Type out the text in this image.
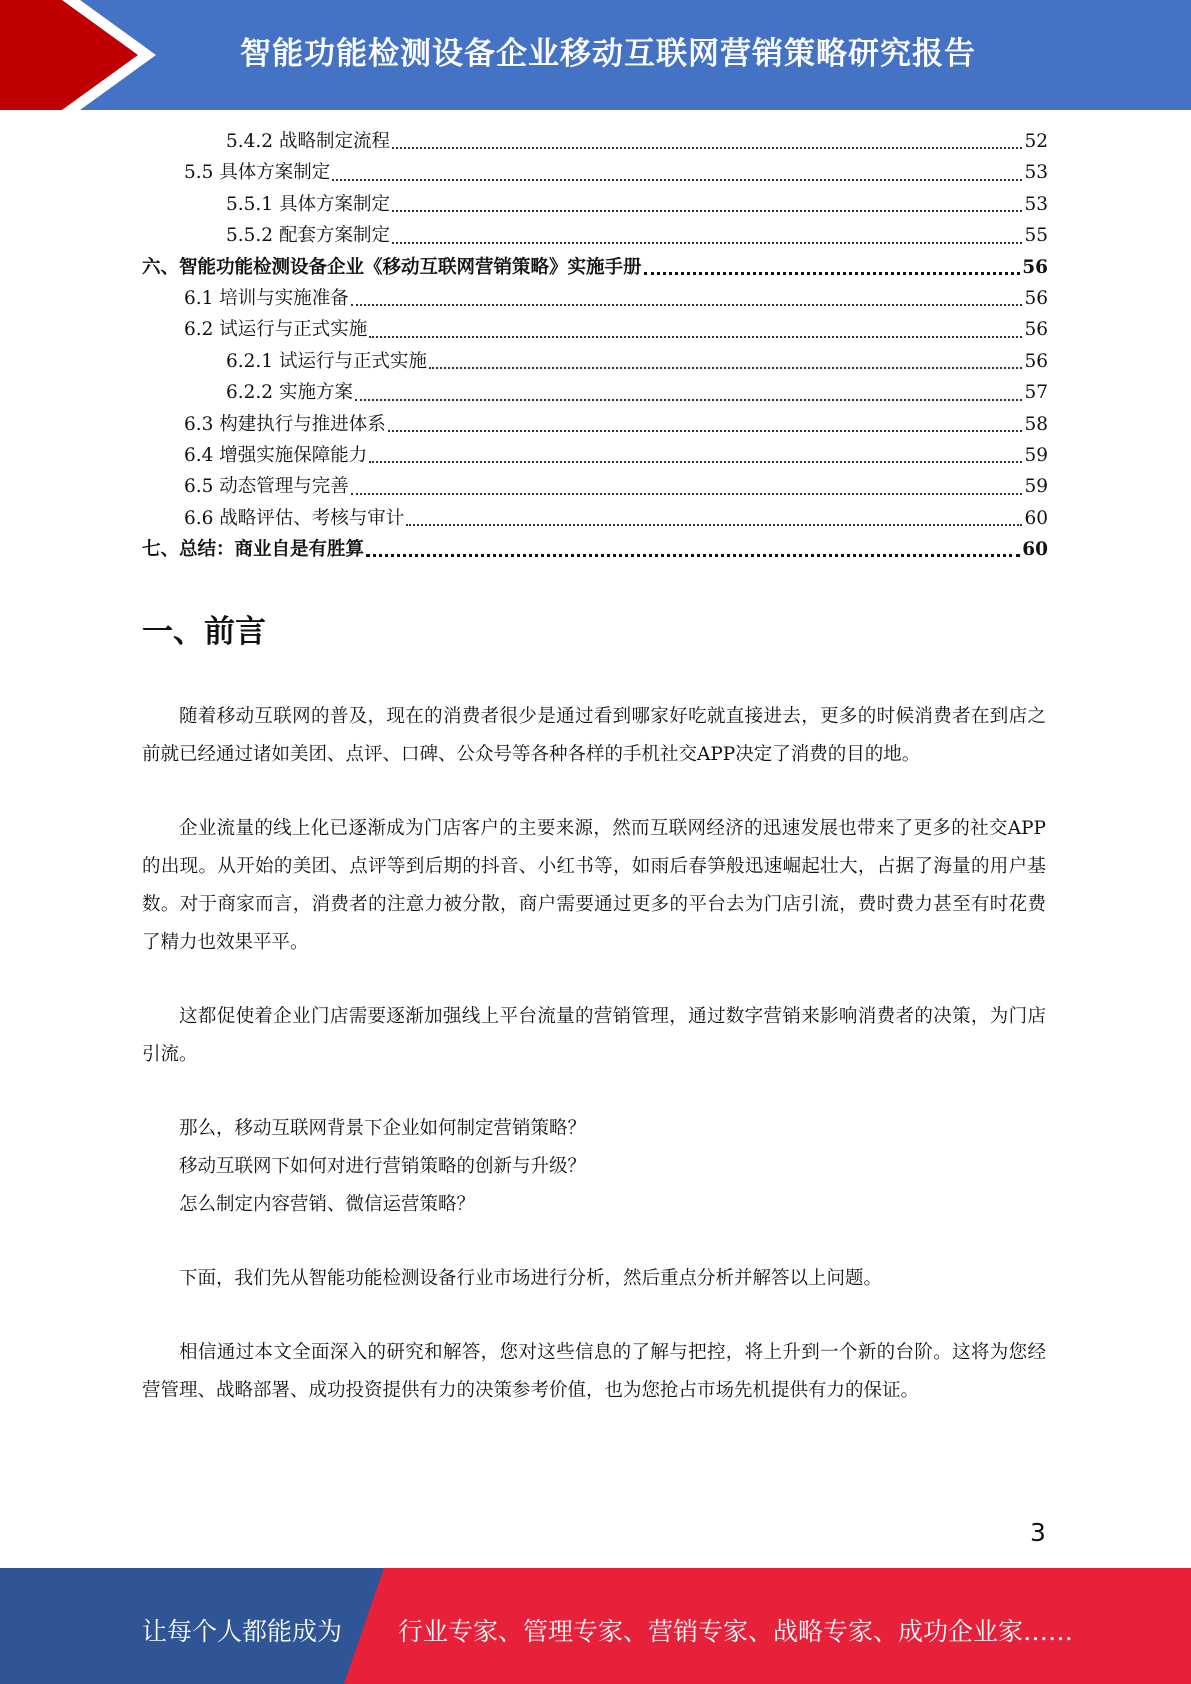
智能功能检测设备企业移动互联网营销策略研究报告
5.4.2 战略制定流程	52
5.5 具体方案制定	53
5.5.1 具体方案制定	53
5.5.2 配套方案制定	55
六、智能功能检测设备企业《移动互联网营销策略》实施手册	56
6.1 培训与实施准备	56
6.2 试运行与正式实施	56
6.2.1 试运行与正式实施	56
6.2.2 实施方案	57
6.3 构建执行与推进体系	58
6.4 增强实施保障能力	59
6.5 动态管理与完善	59
6.6 战略评估、考核与审计	60
七、总结：商业自是有胜算	60
一、前言

随着移动互联网的普及，现在的消费者很少是通过看到哪家好吃就直接进去，更多的时候消费者在到店之前就已经通过诸如美团、点评、口碑、公众号等各种各样的手机社交APP决定了消费的目的地。

企业流量的线上化已逐渐成为门店客户的主要来源，然而互联网经济的迅速发展也带来了更多的社交APP的出现。从开始的美团、点评等到后期的抖音、小红书等，如雨后春笋般迅速崛起壮大，占据了海量的用户基数。对于商家而言，消费者的注意力被分散，商户需要通过更多的平台去为门店引流，费时费力甚至有时花费了精力也效果平平。

这都促使着企业门店需要逐渐加强线上平台流量的营销管理，通过数字营销来影响消费者的决策，为门店引流。

那么，移动互联网背景下企业如何制定营销策略？

移动互联网下如何对进行营销策略的创新与升级？

怎么制定内容营销、微信运营策略？

下面，我们先从智能功能检测设备行业市场进行分析，然后重点分析并解答以上问题。

相信通过本文全面深入的研究和解答，您对这些信息的了解与把控，将上升到一个新的台阶。这将为您经营管理、战略部署、成功投资提供有力的决策参考价值，也为您抢占市场先机提供有力的保证。

3
让每个人都能成为 行业专家、管理专家、营销专家、战略专家、成功企业家……
